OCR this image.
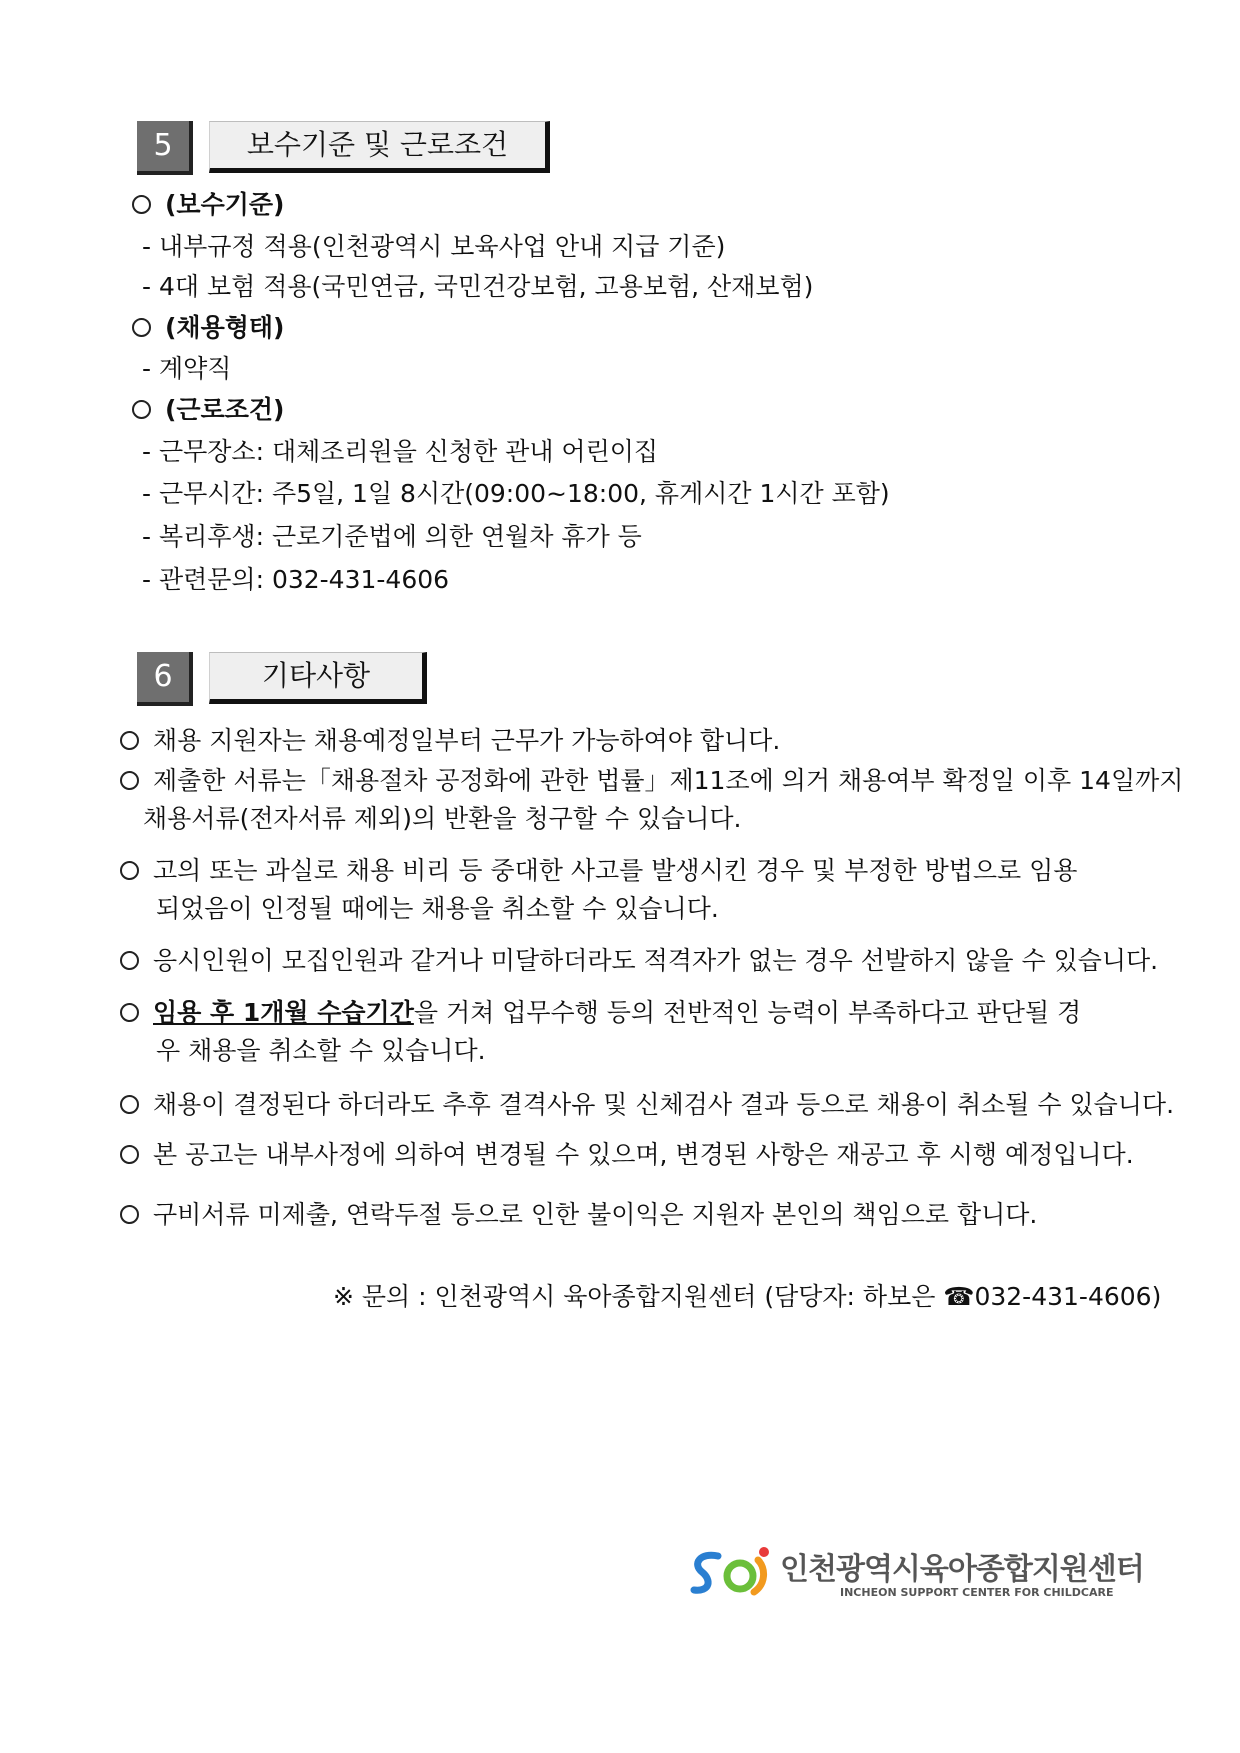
5	보수기준 및 근로조건
(보수기준)
- 내부규정 적용(인천광역시 보육사업 안내 지급 기준)
- 4대 보험 적용(국민연금, 국민건강보험, 고용보험, 산재보험)
(채용형태)
- 계약직
(근로조건)
- 근무장소: 대체조리원을 신청한 관내 어린이집
- 근무시간: 주5일, 1일 8시간(09:00~18:00, 휴게시간 1시간 포함)
- 복리후생: 근로기준법에 의한 연월차 휴가 등
- 관련문의: 032-431-4606
6	기타사항
채용 지원자는 채용예정일부터 근무가 가능하여야 합니다.
제출한 서류는「채용절차 공정화에 관한 법률」제11조에 의거 채용여부 확정일 이후 14일까지
채용서류(전자서류 제외)의 반환을 청구할 수 있습니다.
고의 또는 과실로 채용 비리 등 중대한 사고를 발생시킨 경우 및 부정한 방법으로 임용
되었음이 인정될 때에는 채용을 취소할 수 있습니다.
응시인원이 모집인원과 같거나 미달하더라도 적격자가 없는 경우 선발하지 않을 수 있습니다.
임용 후 1개월 수습기간을 거쳐 업무수행 등의 전반적인 능력이 부족하다고 판단될 경
우 채용을 취소할 수 있습니다.
채용이 결정된다 하더라도 추후 결격사유 및 신체검사 결과 등으로 채용이 취소될 수 있습니다.
본 공고는 내부사정에 의하여 변경될 수 있으며, 변경된 사항은 재공고 후 시행 예정입니다.
구비서류 미제출, 연락두절 등으로 인한 불이익은 지원자 본인의 책임으로 합니다.
※ 문의 : 인천광역시 육아종합지원센터 (담당자: 하보은 ☎032-431-4606)
인천광역시육아종합지원센터
INCHEON SUPPORT CENTER FOR CHILDCARE
